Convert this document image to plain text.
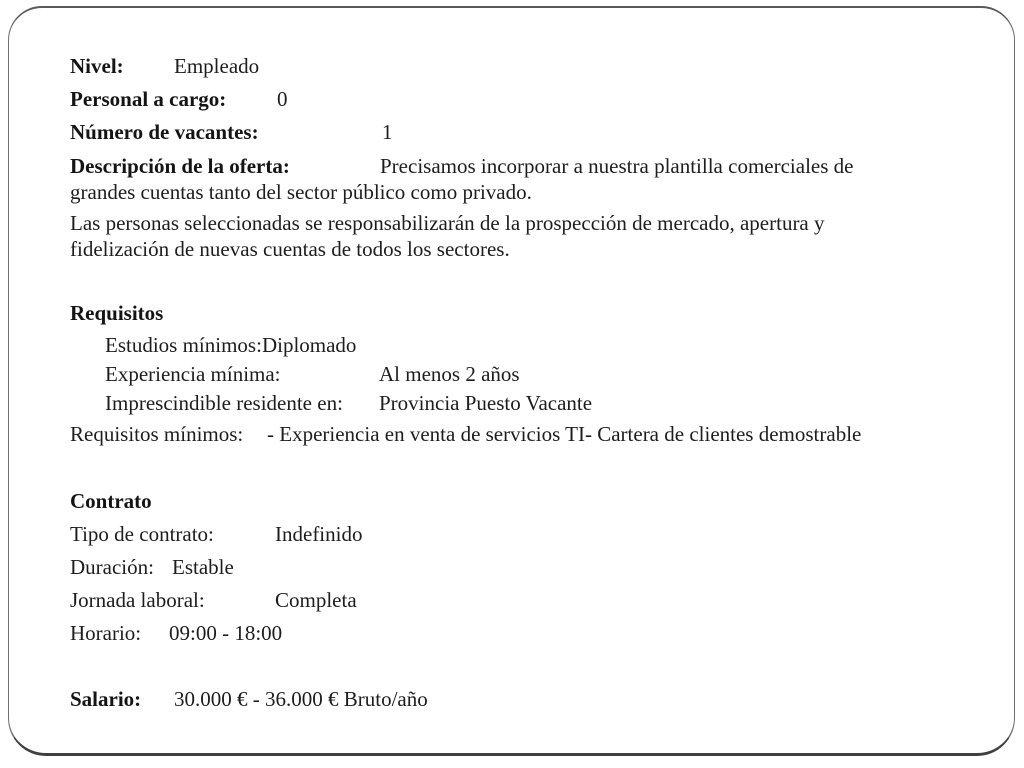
Nivel: Empleado
Personal a cargo: 0
Número de vacantes:	1
Descripción de la oferta:	Precisamos incorporar a nuestra plantilla comerciales de
grandes cuentas tanto del sector público como privado.
Las personas seleccionadas se responsabilizarán de la prospección de mercado, apertura y
fidelización de nuevas cuentas de todos los sectores.
Requisitos
Estudios mínimos:Diplomado
Experiencia mínima:	Al menos 2 años
Imprescindible residente en: Provincia Puesto Vacante
Requisitos mínimos: - Experiencia en venta de servicios TI- Cartera de clientes demostrable
Contrato
Tipo de contrato:	Indefinido
Duración: Estable
Jornada laboral:	Completa
Horario: 09:00 - 18:00
Salario: 30.000 € - 36.000 € Bruto/año
